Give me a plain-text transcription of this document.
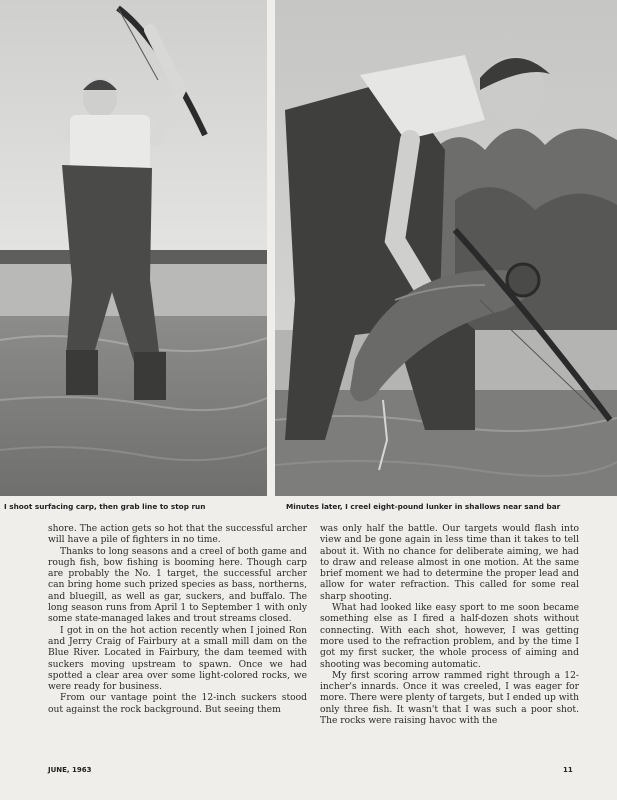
I shoot surfacing carp, then grab line to stop run	Minutes later, I creel eight-pound lunker in shallows near sand bar

shore. The action gets so hot that the successful archer will have a pile of fighters in no time.

Thanks to long seasons and a creel of both game and rough fish, bow fishing is booming here. Though carp are probably the No. 1 target, the successful archer can bring home such prized species as bass, northerns, and bluegill, as well as gar, suckers, and buffalo. The long season runs from April 1 to September 1 with only some state-managed lakes and trout streams closed.

I got in on the hot action recently when I joined Ron and Jerry Craig of Fairbury at a small mill dam on the Blue River. Located in Fairbury, the dam teemed with suckers moving upstream to spawn. Once we had spotted a clear area over some light-colored rocks, we were ready for business.

From our vantage point the 12-inch suckers stood out against the rock background. But seeing them

was only half the battle. Our targets would flash into view and be gone again in less time than it takes to tell about it. With no chance for deliberate aiming, we had to draw and release almost in one motion. At the same brief moment we had to determine the proper lead and allow for water refraction. This called for some real sharp shooting.

What had looked like easy sport to me soon became something else as I fired a half-dozen shots without connecting. With each shot, however, I was getting more used to the refraction problem, and by the time I got my first sucker, the whole process of aiming and shooting was becoming automatic.

My first scoring arrow rammed right through a 12-incher's innards. Once it was creeled, I was eager for more. There were plenty of targets, but I ended up with only three fish. It wasn't that I was such a poor shot. The rocks were raising havoc with the

JUNE, 1963	11
